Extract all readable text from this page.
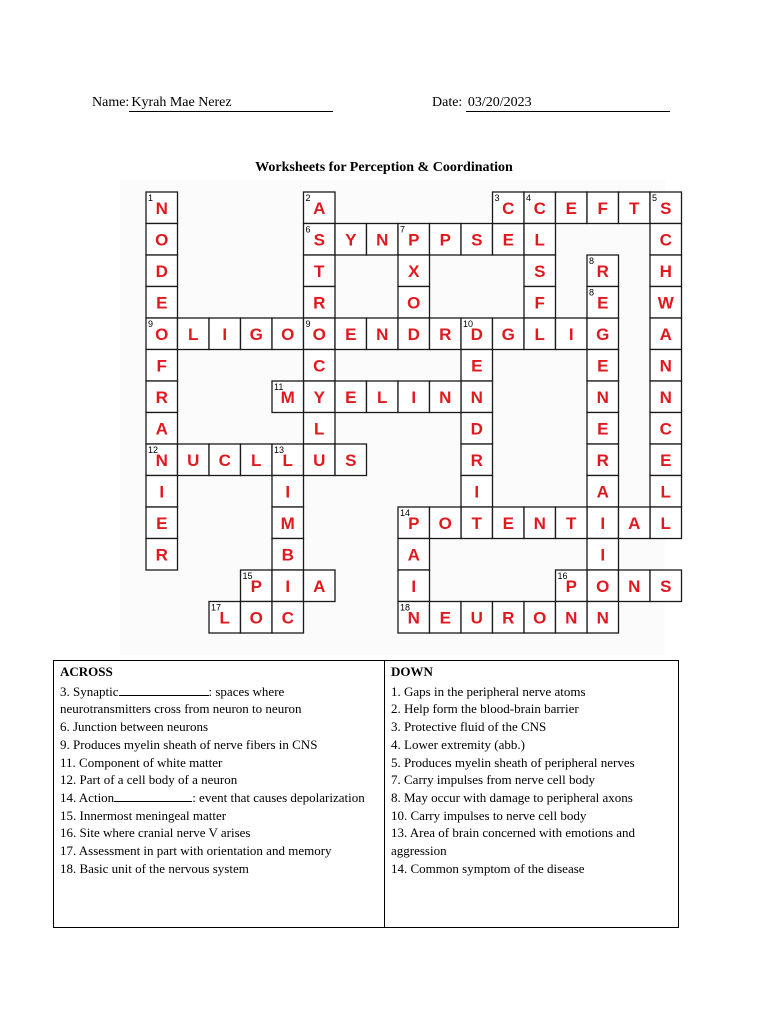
Name: Kyrah Mae Nerez	Date: 03/20/2023
Worksheets for Perception & Coordination
N
1
O
D
E
O
9
F
R
A
N
12
I
E
R
A
2
S
6
Y N P
7
P S E
T
R
C
3
C
4
E F T S
5
L
S
F
C
H
W
A
N
N
C
E
L
L
X
O
R
8
L I G O O
9
E N D R D
10
G L I G
C
Y
L
E
8
E
N
E
R
A
I
I
O
N
E
N
D
R
I
T
M
11
E L I N
U C L L
13
U S
I
M
B
P
14
O	E N T	A
A
I
P
15
I A	P
16
N S
L
17
O C	N
18
E U R O N
ACROSS

3. Synaptic	: spaces where neurotransmitters cross from neuron to neuron

6. Junction between neurons

9. Produces myelin sheath of nerve fibers in CNS

11. Component of white matter

12. Part of a cell body of a neuron

14. Action	: event that causes depolarization

15. Innermost meningeal matter

16. Site where cranial nerve V arises

17. Assessment in part with orientation and memory

18. Basic unit of the nervous system

DOWN

1. Gaps in the peripheral nerve atoms

2. Help form the blood-brain barrier

3. Protective fluid of the CNS

4. Lower extremity (abb.)

5. Produces myelin sheath of peripheral nerves

7. Carry impulses from nerve cell body

8. May occur with damage to peripheral axons

10. Carry impulses to nerve cell body

13. Area of brain concerned with emotions and aggression

14. Common symptom of the disease
